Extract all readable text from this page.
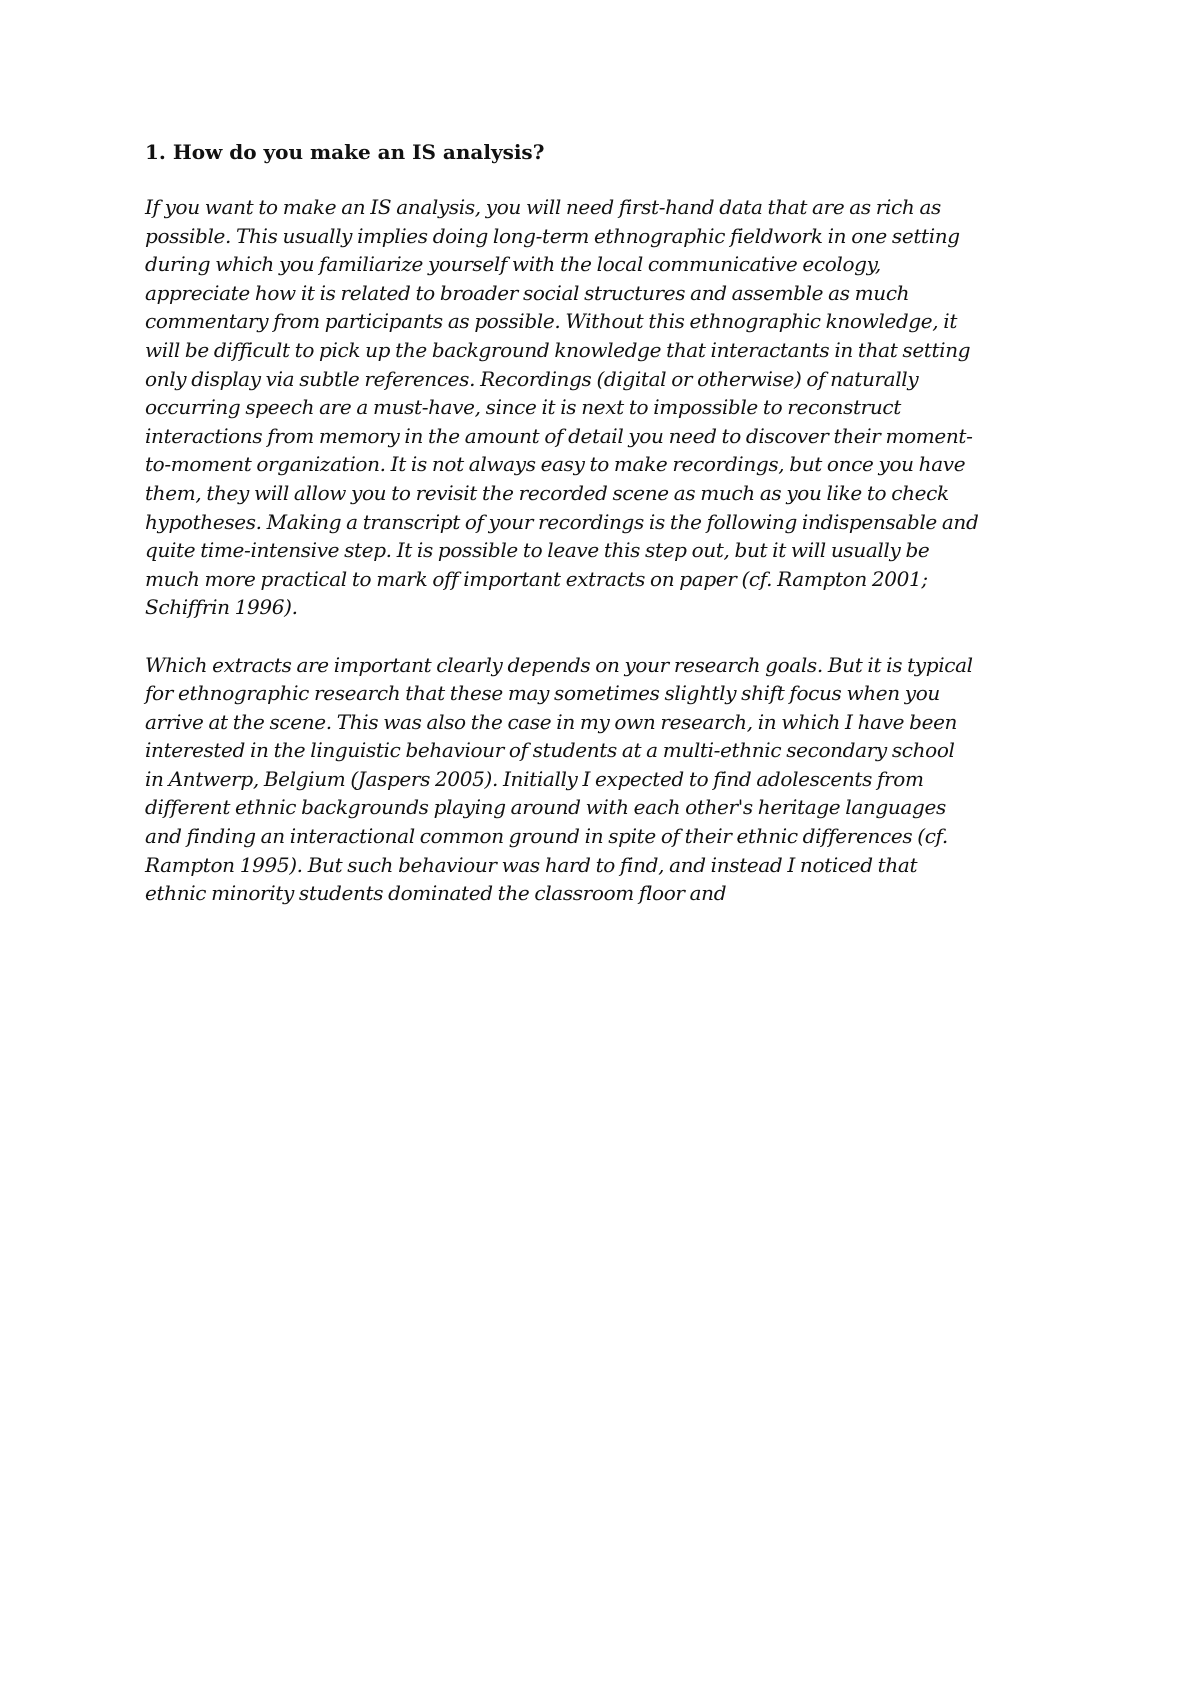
1. How do you make an IS analysis?
If you want to make an IS analysis, you will need first-hand data that are as rich as
possible. This usually implies doing long-term ethnographic fieldwork in one setting
during which you familiarize yourself with the local communicative ecology,
appreciate how it is related to broader social structures and assemble as much
commentary from participants as possible. Without this ethnographic knowledge, it
will be difficult to pick up the background knowledge that interactants in that setting
only display via subtle references. Recordings (digital or otherwise) of naturally
occurring speech are a must-have, since it is next to impossible to reconstruct
interactions from memory in the amount of detail you need to discover their moment-
to-moment organization. It is not always easy to make recordings, but once you have
them, they will allow you to revisit the recorded scene as much as you like to check
hypotheses. Making a transcript of your recordings is the following indispensable and
quite time-intensive step. It is possible to leave this step out, but it will usually be
much more practical to mark off important extracts on paper (cf. Rampton 2001;
Schiffrin 1996).
Which extracts are important clearly depends on your research goals. But it is typical
for ethnographic research that these may sometimes slightly shift focus when you
arrive at the scene. This was also the case in my own research, in which I have been
interested in the linguistic behaviour of students at a multi-ethnic secondary school
in Antwerp, Belgium (Jaspers 2005). Initially I expected to find adolescents from
different ethnic backgrounds playing around with each other's heritage languages
and finding an interactional common ground in spite of their ethnic differences (cf.
Rampton 1995). But such behaviour was hard to find, and instead I noticed that
ethnic minority students dominated the classroom floor and
